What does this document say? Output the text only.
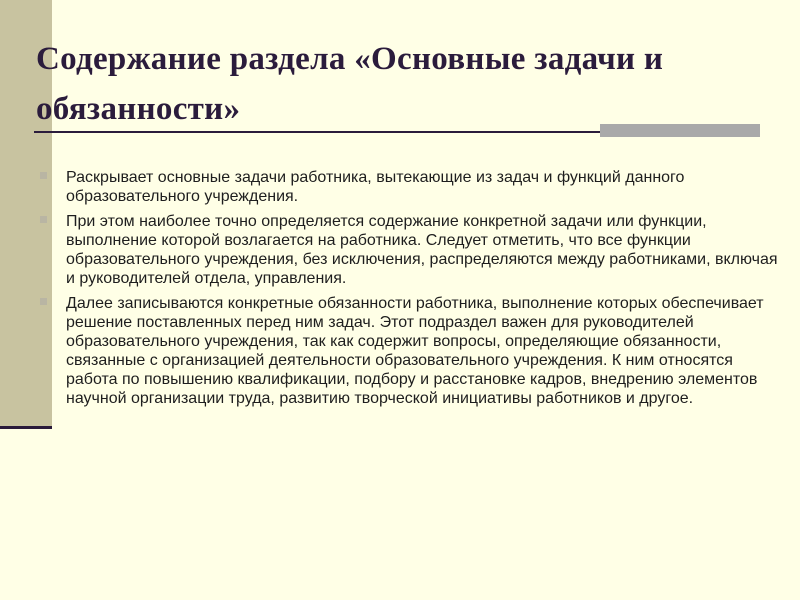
Содержание раздела «Основные задачи и обязанности»
Раскрывает основные задачи работника, вытекающие из задач и функций данного образовательного учреждения.
При этом наиболее точно определяется содержание конкретной задачи или функции, выполнение которой возлагается на работника. Следует отметить, что все функции образовательного учреждения, без исключения, распределяются между работниками, включая и руководителей отдела, управления.
Далее записываются конкретные обязанности работника, выполнение которых обеспечивает решение поставленных перед ним задач. Этот подраздел важен для руководителей образовательного учреждения, так как содержит вопросы, определяющие обязанности, связанные с организацией деятельности образовательного учреждения. К ним относятся работа по повышению квалификации, подбору и расстановке кадров, внедрению элементов научной организации труда, развитию творческой инициативы работников и другое.
